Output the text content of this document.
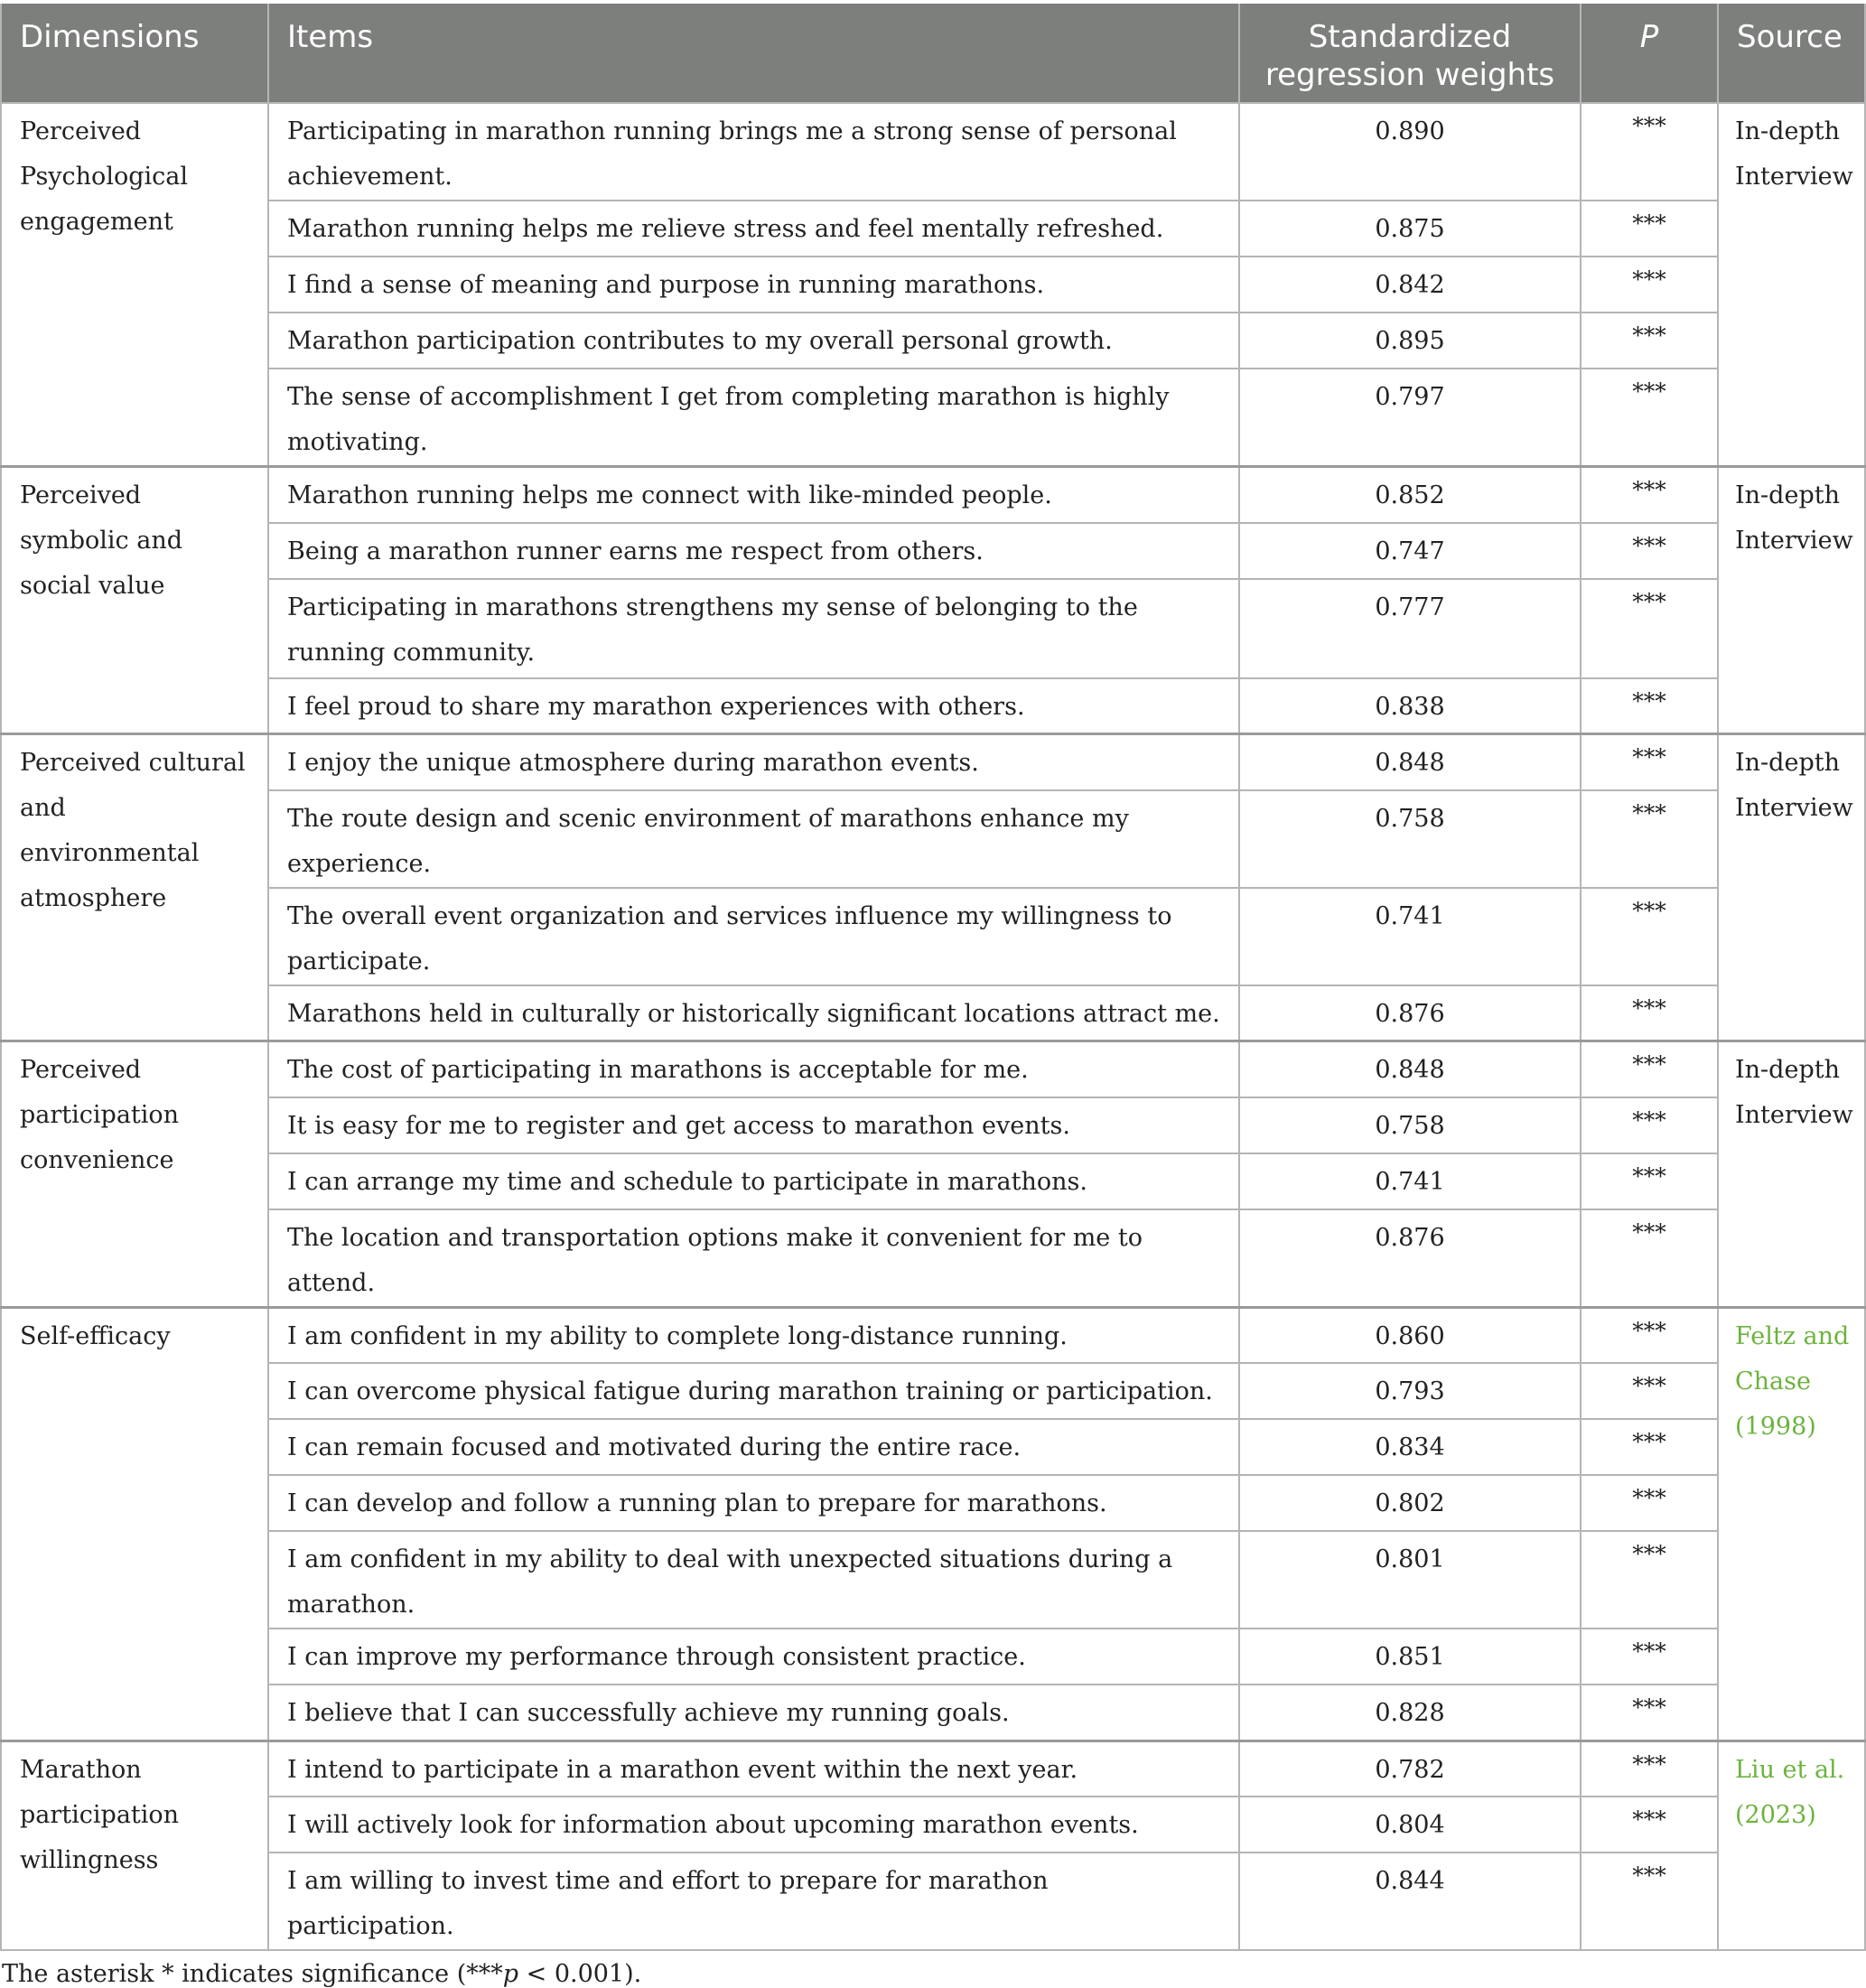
Dimensions	Items	Standardized regression weights	P	Source
Perceived Psychological engagement	Participating in marathon running brings me a strong sense of personal achievement.	0.890	***	In-depth Interview
	Marathon running helps me relieve stress and feel mentally refreshed.	0.875	***	
	I find a sense of meaning and purpose in running marathons.	0.842	***	
	Marathon participation contributes to my overall personal growth.	0.895	***	
	The sense of accomplishment I get from completing marathon is highly motivating.	0.797	***	
Perceived symbolic and social value	Marathon running helps me connect with like-minded people.	0.852	***	In-depth Interview
	Being a marathon runner earns me respect from others.	0.747	***	
	Participating in marathons strengthens my sense of belonging to the running community.	0.777	***	
	I feel proud to share my marathon experiences with others.	0.838	***	
Perceived cultural and environmental atmosphere	I enjoy the unique atmosphere during marathon events.	0.848	***	In-depth Interview
	The route design and scenic environment of marathons enhance my experience.	0.758	***	
	The overall event organization and services influence my willingness to participate.	0.741	***	
	Marathons held in culturally or historically significant locations attract me.	0.876	***	
Perceived participation convenience	The cost of participating in marathons is acceptable for me.	0.848	***	In-depth Interview
	It is easy for me to register and get access to marathon events.	0.758	***	
	I can arrange my time and schedule to participate in marathons.	0.741	***	
	The location and transportation options make it convenient for me to attend.	0.876	***	
Self-efficacy	I am confident in my ability to complete long-distance running.	0.860	***	Feltz and Chase (1998)
	I can overcome physical fatigue during marathon training or participation.	0.793	***	
	I can remain focused and motivated during the entire race.	0.834	***	
	I can develop and follow a running plan to prepare for marathons.	0.802	***	
	I am confident in my ability to deal with unexpected situations during a marathon.	0.801	***	
	I can improve my performance through consistent practice.	0.851	***	
	I believe that I can successfully achieve my running goals.	0.828	***	
Marathon participation willingness	I intend to participate in a marathon event within the next year.	0.782	***	Liu et al. (2023)
	I will actively look for information about upcoming marathon events.	0.804	***	
	I am willing to invest time and effort to prepare for marathon participation.	0.844	***	
The asterisk * indicates significance (***p < 0.001).
